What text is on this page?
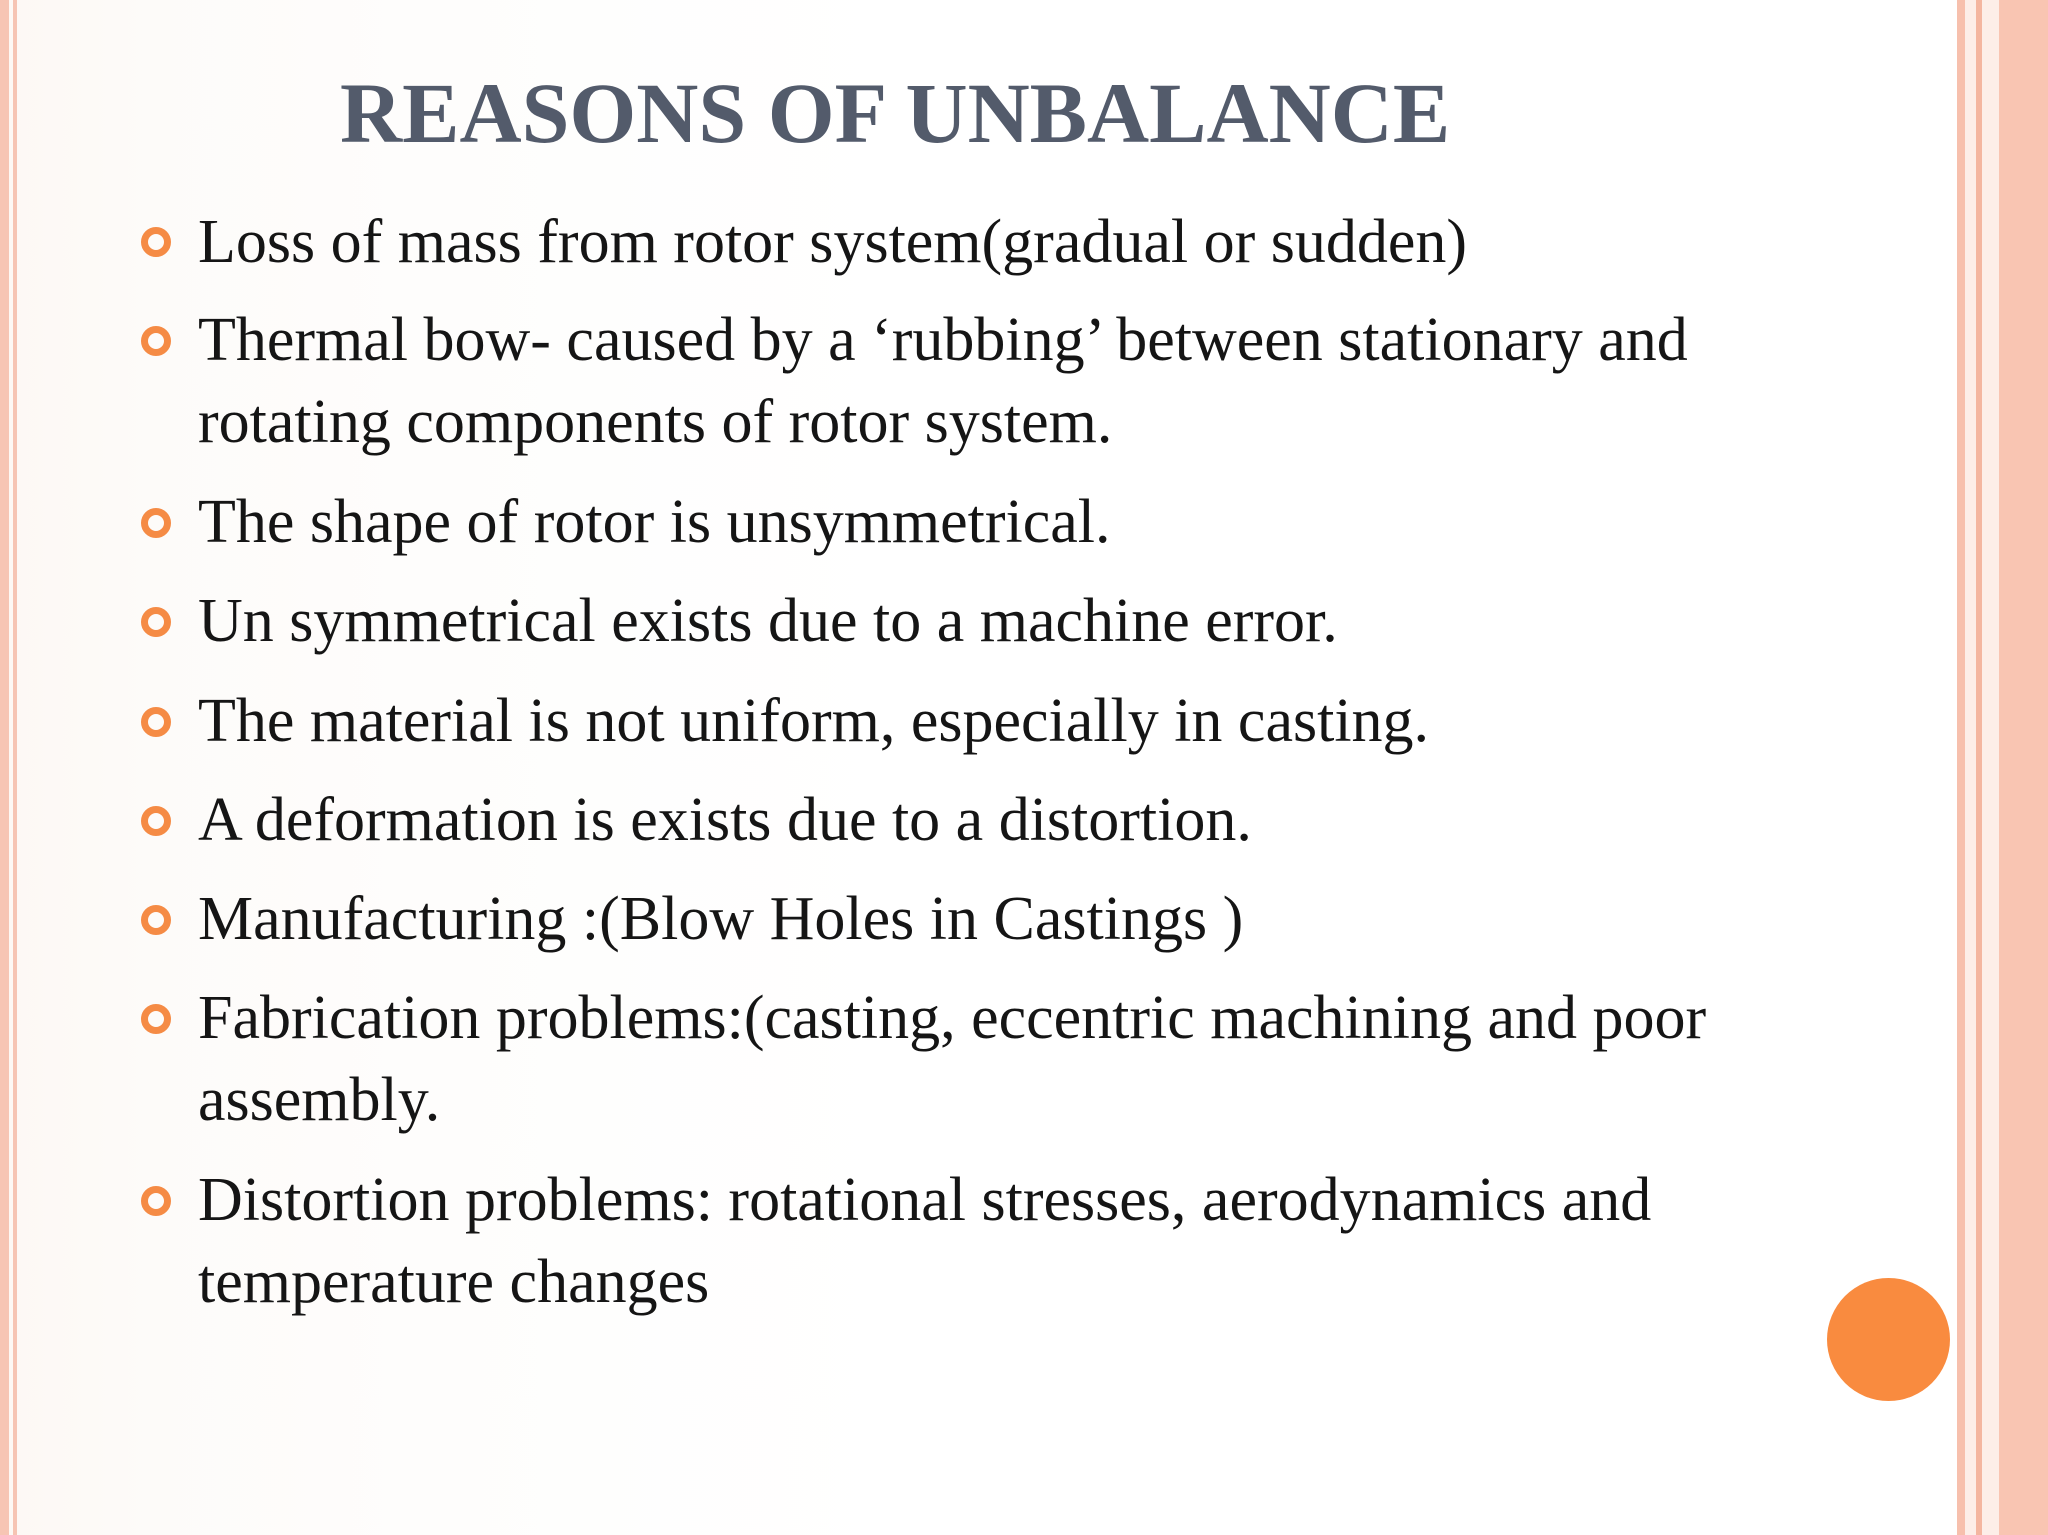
REASONS OF UNBALANCE
Loss of mass from rotor system(gradual or sudden)
Thermal bow- caused by a ‘rubbing’ between stationary and
rotating components of rotor system.
The shape of rotor is unsymmetrical.
Un symmetrical exists due to a machine error.
The material is not uniform, especially in casting.
A deformation is exists due to a distortion.
Manufacturing :(Blow Holes in Castings )
Fabrication problems:(casting, eccentric machining and poor
assembly.
Distortion problems: rotational stresses, aerodynamics and
temperature changes
